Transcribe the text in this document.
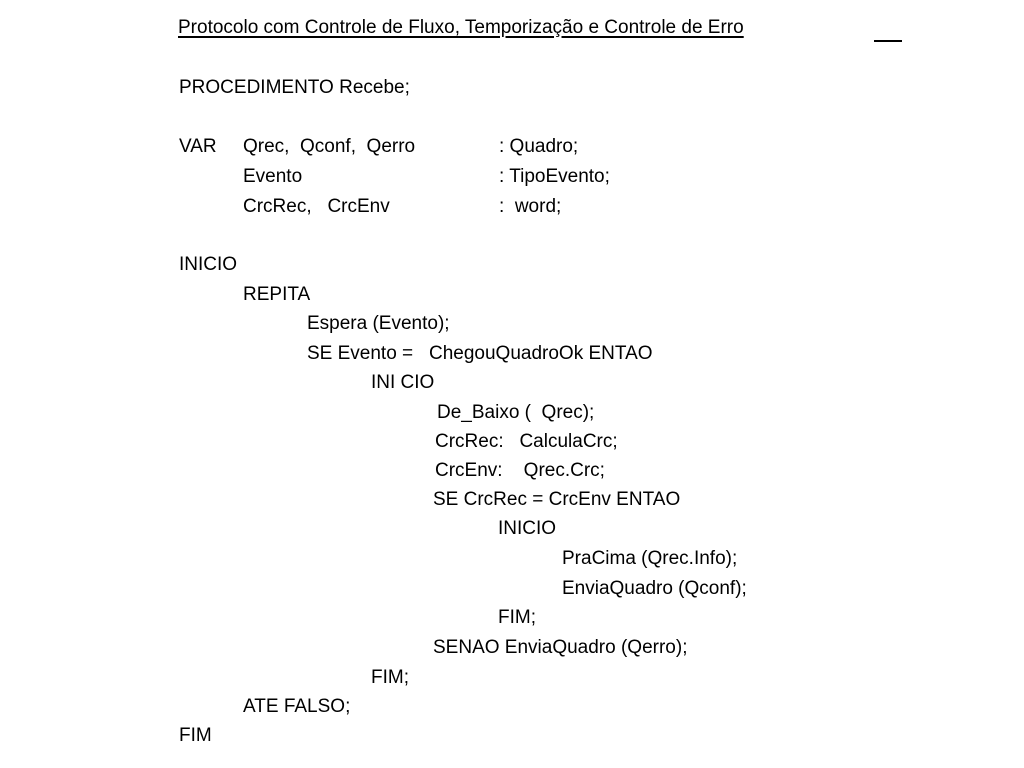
Protocolo com Controle de Fluxo, Temporização e Controle de Erro
PROCEDIMENTO Recebe;
VAR Qrec,  Qconf,  Qerro	: Quadro;
Evento	: TipoEvento;
CrcRec,   CrcEnv	:  word;
INICIO
REPITA
Espera (Evento);
SE Evento =   ChegouQuadroOk ENTAO
INI CIO
De_Baixo (  Qrec);
CrcRec:   CalculaCrc;
CrcEnv:    Qrec.Crc;
SE CrcRec = CrcEnv ENTAO
INICIO
PraCima (Qrec.Info);
EnviaQuadro (Qconf);
FIM;
SENAO EnviaQuadro (Qerro);
FIM;
ATE FALSO;
FIM
